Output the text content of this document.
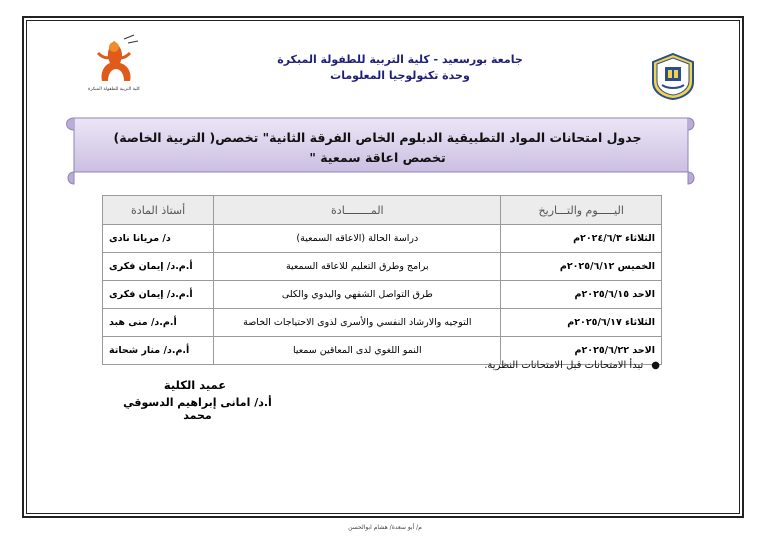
كلية التربية للطفولة المبكرة
جامعة بورسعيد - كلية التربية للطفولة المبكرة
وحدة تكنولوجيا المعلومات
جدول امتحانات المواد التطبيقية الدبلوم الخاص الفرقة الثانية" تخصص( التربية الخاصة)
تخصص اعاقة سمعية "
اليـــــوم والتـــاريخ	المــــــــادة	أستاذ المادة
الثلاثاء ٢٠٢٤/٦/٣م	دراسة الحالة (الاعاقه السمعية)	د/ مريانا نادى
الخميس ٢٠٢٥/٦/١٢م	برامج وطرق التعليم للاعاقه السمعية	أ.م.د/ إيمان فكرى
الاحد ٢٠٢٥/٦/١٥م	طرق التواصل الشفهي واليدوي والكلى	أ.م.د/ إيمان فكرى
الثلاثاء ٢٠٢٥/٦/١٧م	التوجيه والارشاد النفسي والأسرى لذوى الاحتياجات الخاصة	أ.م.د/ منى هبد
الاحد ٢٠٢٥/٦/٢٢م	النمو اللغوي لدى المعاقين سمعيا	أ.م.د/ منار شحاتة
●تبدأ الامتحانات قبل الامتحانات النظرية.
عميد الكلية
أ.د/ امانى إبراهيم الدسوقي محمد
م/ أبو سعدة/ هشام ابوالحسن
